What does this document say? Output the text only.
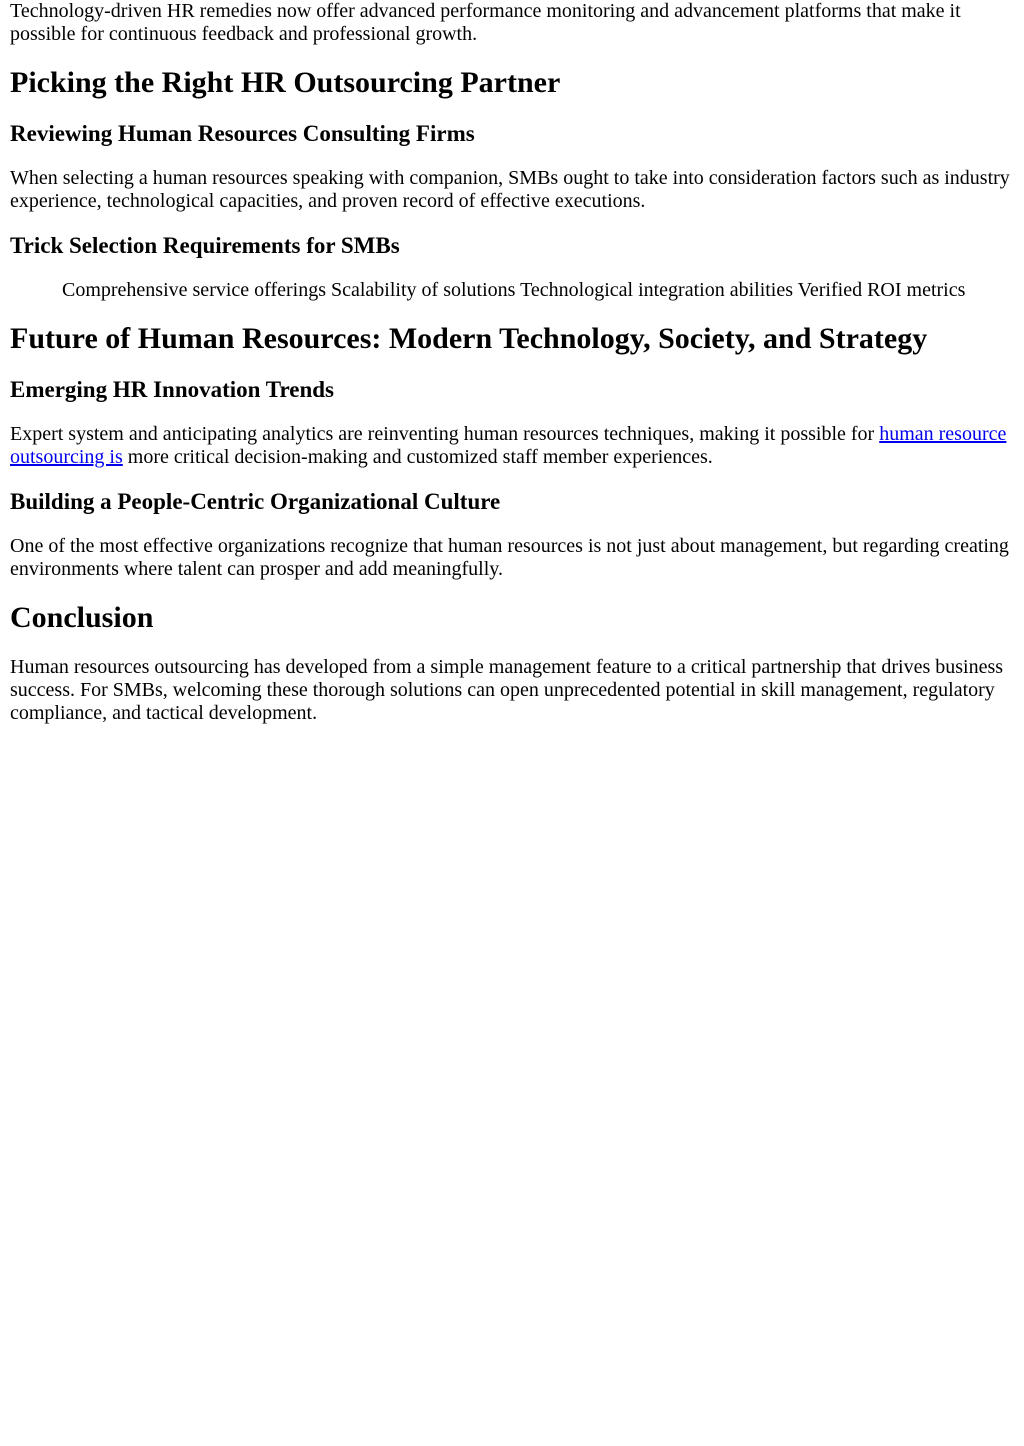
Technology-driven HR remedies now offer advanced performance monitoring and advancement platforms that make it possible for continuous feedback and professional growth.

Picking the Right HR Outsourcing Partner
Reviewing Human Resources Consulting Firms

When selecting a human resources speaking with companion, SMBs ought to take into consideration factors such as industry experience, technological capacities, and proven record of effective executions.

Trick Selection Requirements for SMBs

Comprehensive service offerings Scalability of solutions Technological integration abilities Verified ROI metrics

Future of Human Resources: Modern Technology, Society, and Strategy
Emerging HR Innovation Trends

Expert system and anticipating analytics are reinventing human resources techniques, making it possible for human resource outsourcing is more critical decision-making and customized staff member experiences.

Building a People-Centric Organizational Culture

One of the most effective organizations recognize that human resources is not just about management, but regarding creating environments where talent can prosper and add meaningfully.

Conclusion

Human resources outsourcing has developed from a simple management feature to a critical partnership that drives business success. For SMBs, welcoming these thorough solutions can open unprecedented potential in skill management, regulatory compliance, and tactical development.
